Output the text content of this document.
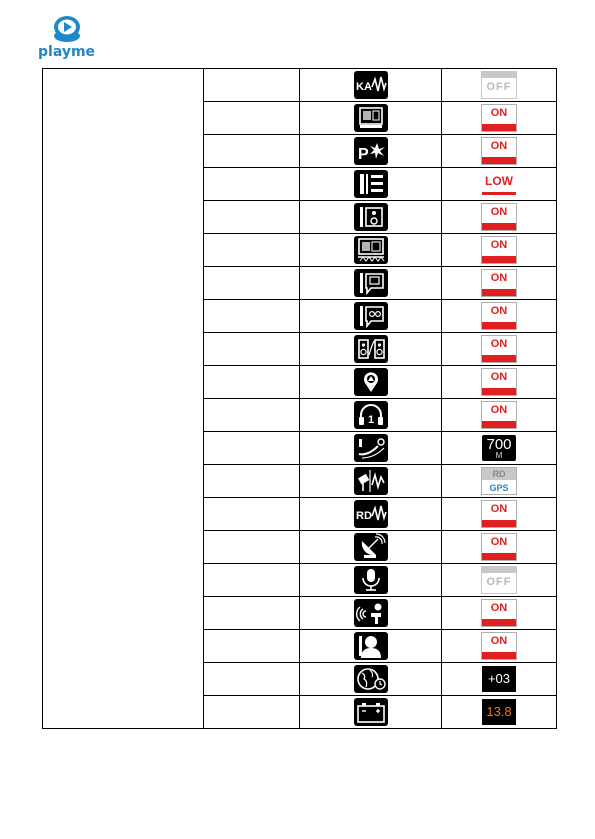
playme

KA	OFF

ON

P	ON

LOW

ON

ON

ON

ON

ON

ON

1	ON

700
M

RD
GPS

RD	ON

ON

OFF

ON

ON

+03

13.8
